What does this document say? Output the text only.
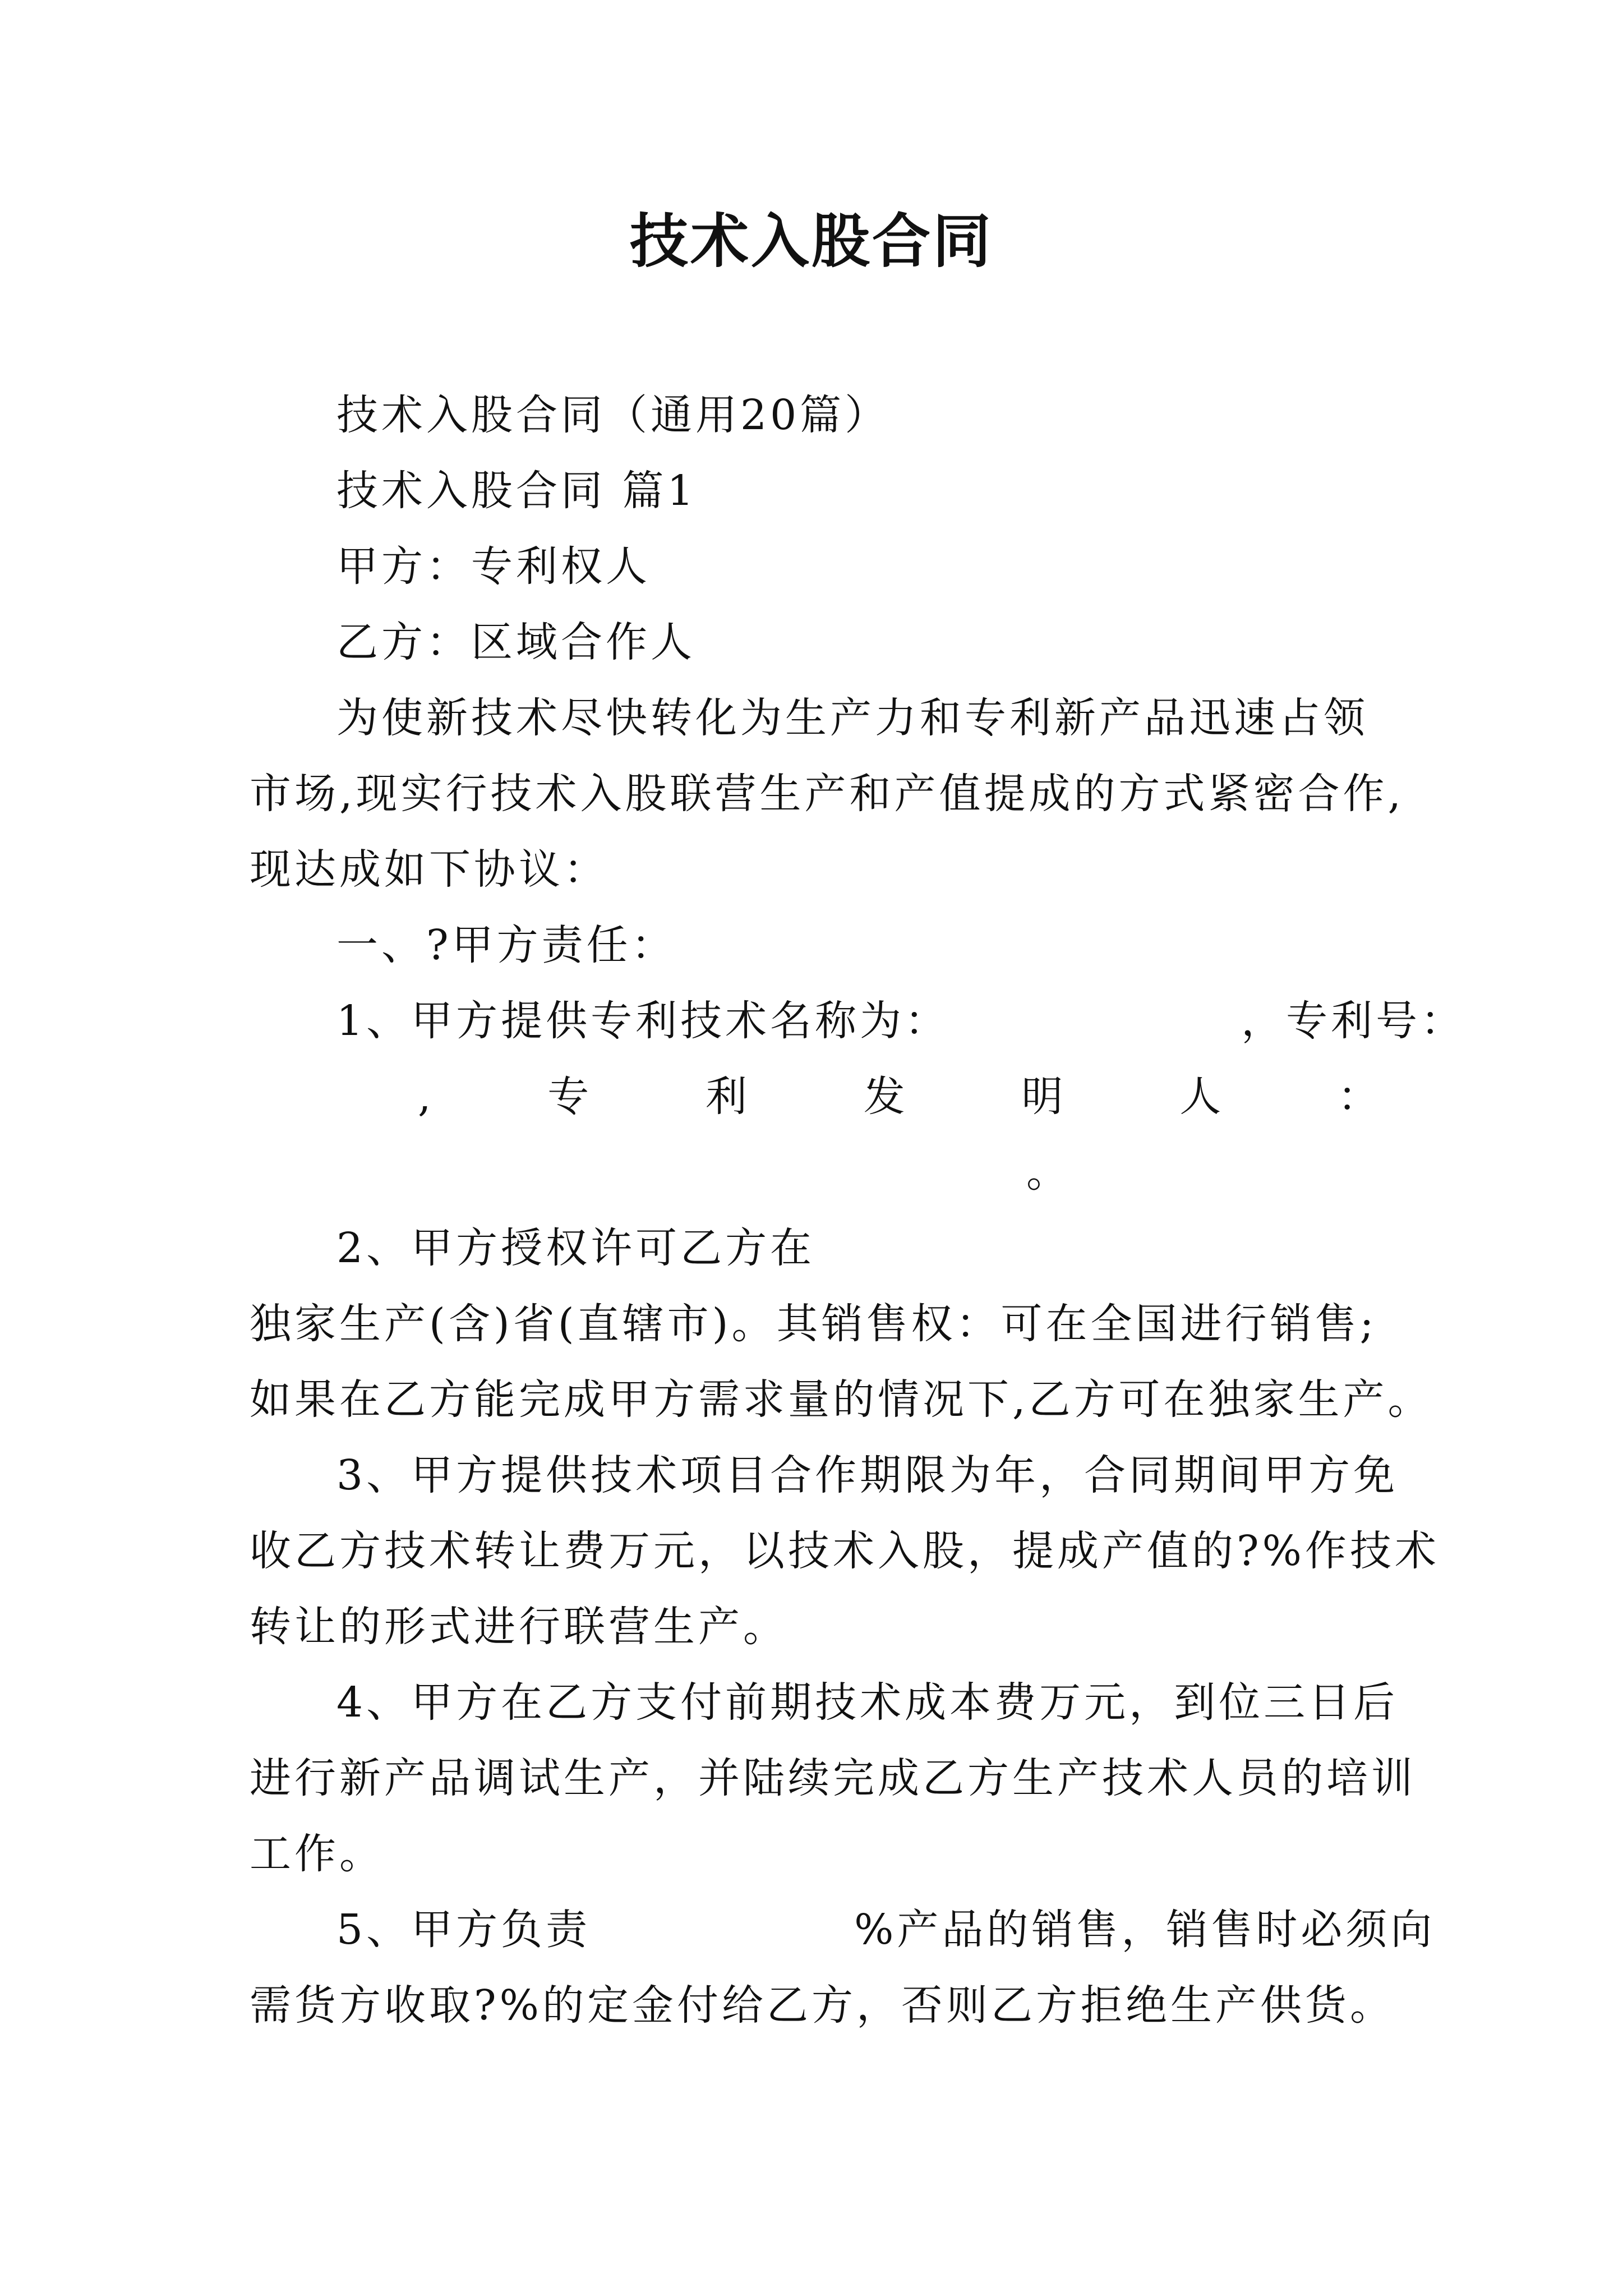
技术入股合同
技术入股合同（通用20篇）
技术入股合同 篇1
甲方：专利权人
乙方：区域合作人
为使新技术尽快转化为生产力和专利新产品迅速占领
市场,现实行技术入股联营生产和产值提成的方式紧密合作,
现达成如下协议：
一、?甲方责任：
1、甲方提供专利技术名称为：	，专利号：
,	专	利	发	明	人	：
。
2、甲方授权许可乙方在
独家生产(含)省(直辖市)。其销售权：可在全国进行销售;
如果在乙方能完成甲方需求量的情况下,乙方可在独家生产。
3、甲方提供技术项目合作期限为年，合同期间甲方免
收乙方技术转让费万元，以技术入股，提成产值的?%作技术
转让的形式进行联营生产。
4、甲方在乙方支付前期技术成本费万元，到位三日后
进行新产品调试生产，并陆续完成乙方生产技术人员的培训
工作。
5、甲方负责	%产品的销售，销售时必须向
需货方收取?%的定金付给乙方，否则乙方拒绝生产供货。
